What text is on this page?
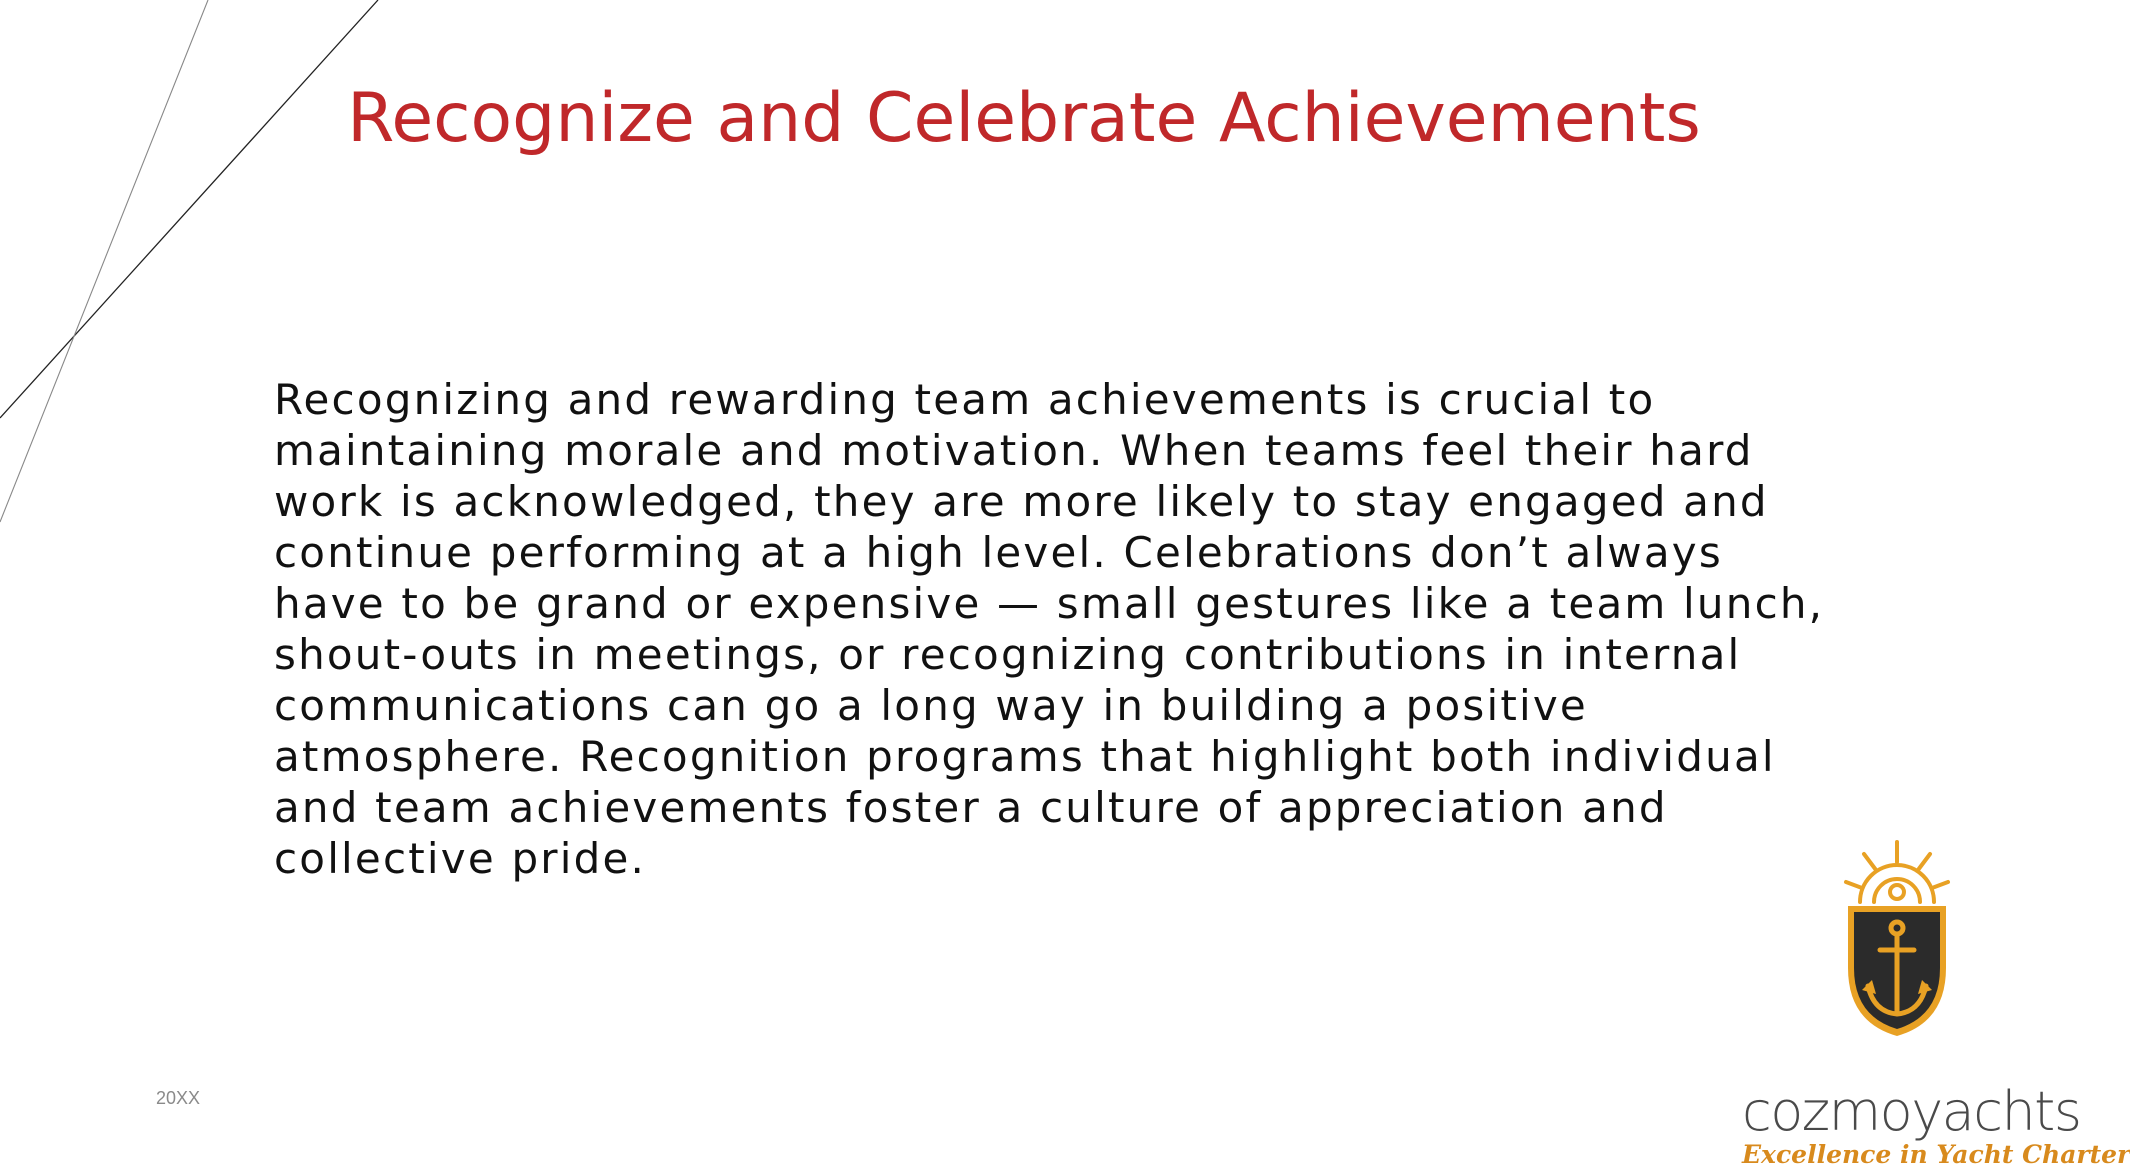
Recognize and Celebrate Achievements

Recognizing and rewarding team achievements is crucial to
maintaining morale and motivation. When teams feel their hard
work is acknowledged, they are more likely to stay engaged and
continue performing at a high level. Celebrations don’t always
have to be grand or expensive — small gestures like a team lunch,
shout-outs in meetings, or recognizing contributions in internal
communications can go a long way in building a positive
atmosphere. Recognition programs that highlight both individual
and team achievements foster a culture of appreciation and
collective pride.

20XX	cozmoyachts
Excellence in Yacht Charter
